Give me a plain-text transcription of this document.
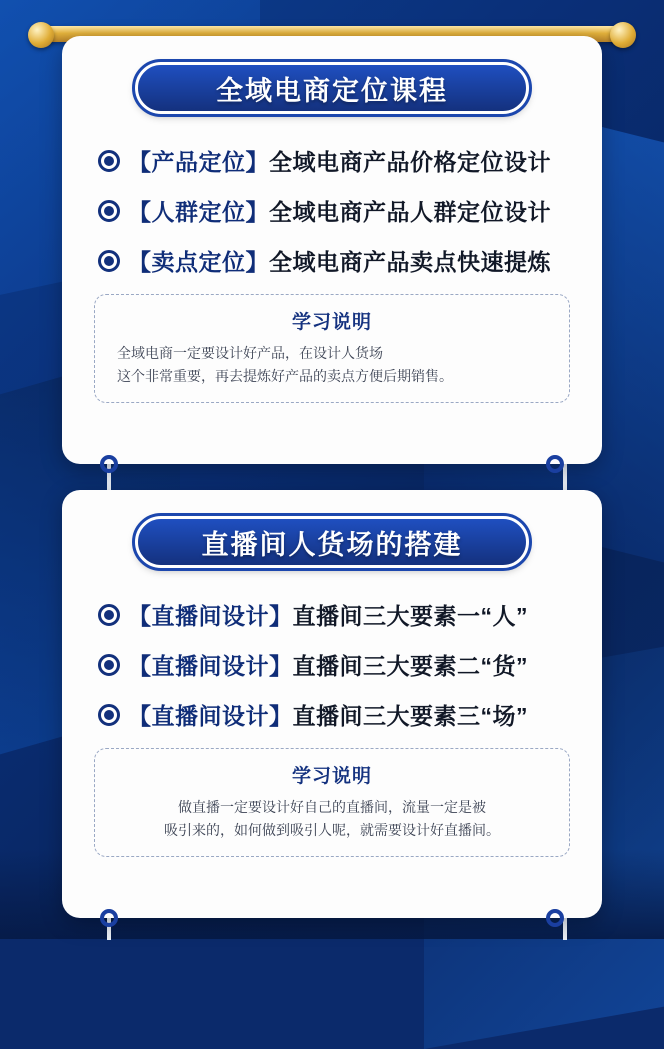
全域电商定位课程
【产品定位】全域电商产品价格定位设计
【人群定位】全域电商产品人群定位设计
【卖点定位】全域电商产品卖点快速提炼
学习说明
全域电商一定要设计好产品，在设计人货场
这个非常重要，再去提炼好产品的卖点方便后期销售。
直播间人货场的搭建
【直播间设计】直播间三大要素一“人”
【直播间设计】直播间三大要素二“货”
【直播间设计】直播间三大要素三“场”
学习说明
做直播一定要设计好自己的直播间，流量一定是被
吸引来的，如何做到吸引人呢，就需要设计好直播间。
